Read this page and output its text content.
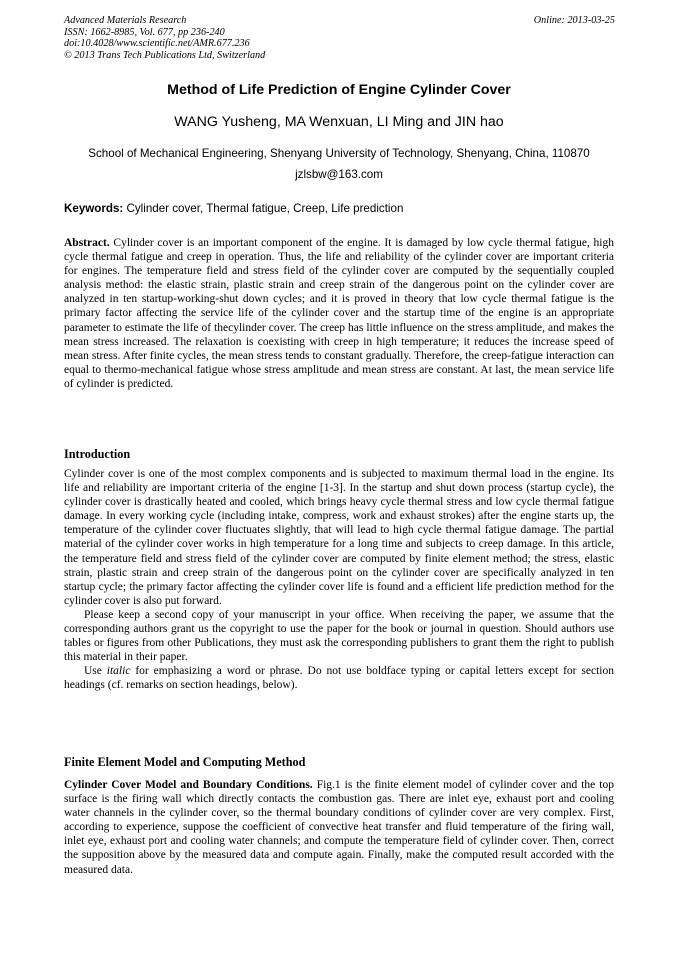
Advanced Materials Research
ISSN: 1662-8985, Vol. 677, pp 236-240
doi:10.4028/www.scientific.net/AMR.677.236
© 2013 Trans Tech Publications Ltd, Switzerland
Online: 2013-03-25
Method of Life Prediction of Engine Cylinder Cover
WANG Yusheng, MA Wenxuan, LI Ming and JIN hao
School of Mechanical Engineering, Shenyang University of Technology, Shenyang, China, 110870
jzlsbw@163.com
Keywords: Cylinder cover, Thermal fatigue, Creep, Life prediction

Abstract. Cylinder cover is an important component of the engine. It is damaged by low cycle thermal fatigue, high cycle thermal fatigue and creep in operation. Thus, the life and reliability of the cylinder cover are important criteria for engines. The temperature field and stress field of the cylinder cover are computed by the sequentially coupled analysis method: the elastic strain, plastic strain and creep strain of the dangerous point on the cylinder cover are analyzed in ten startup-working-shut down cycles; and it is proved in theory that low cycle thermal fatigue is the primary factor affecting the service life of the cylinder cover and the startup time of the engine is an appropriate parameter to estimate the life of thecylinder cover. The creep has little influence on the stress amplitude, and makes the mean stress increased. The relaxation is coexisting with creep in high temperature; it reduces the increase speed of mean stress. After finite cycles, the mean stress tends to constant gradually. Therefore, the creep-fatigue interaction can equal to thermo-mechanical fatigue whose stress amplitude and mean stress are constant. At last, the mean service life of cylinder is predicted.

Introduction

Cylinder cover is one of the most complex components and is subjected to maximum thermal load in the engine. Its life and reliability are important criteria of the engine [1-3]. In the startup and shut down process (startup cycle), the cylinder cover is drastically heated and cooled, which brings heavy cycle thermal stress and low cycle thermal fatigue damage. In every working cycle (including intake, compress, work and exhaust strokes) after the engine starts up, the temperature of the cylinder cover fluctuates slightly, that will lead to high cycle thermal fatigue damage. The partial material of the cylinder cover works in high temperature for a long time and subjects to creep damage. In this article, the temperature field and stress field of the cylinder cover are computed by finite element method; the stress, elastic strain, plastic strain and creep strain of the dangerous point on the cylinder cover are specifically analyzed in ten startup cycle; the primary factor affecting the cylinder cover life is found and a efficient life prediction method for the cylinder cover is also put forward.

Please keep a second copy of your manuscript in your office. When receiving the paper, we assume that the corresponding authors grant us the copyright to use the paper for the book or journal in question. Should authors use tables or figures from other Publications, they must ask the corresponding publishers to grant them the right to publish this material in their paper.

Use italic for emphasizing a word or phrase. Do not use boldface typing or capital letters except for section headings (cf. remarks on section headings, below).

Finite Element Model and Computing Method

Cylinder Cover Model and Boundary Conditions. Fig.1 is the finite element model of cylinder cover and the top surface is the firing wall which directly contacts the combustion gas. There are inlet eye, exhaust port and cooling water channels in the cylinder cover, so the thermal boundary conditions of cylinder cover are very complex. First, according to experience, suppose the coefficient of convective heat transfer and fluid temperature of the firing wall, inlet eye, exhaust port and cooling water channels; and compute the temperature field of cylinder cover. Then, correct the supposition above by the measured data and compute again. Finally, make the computed result accorded with the measured data.
